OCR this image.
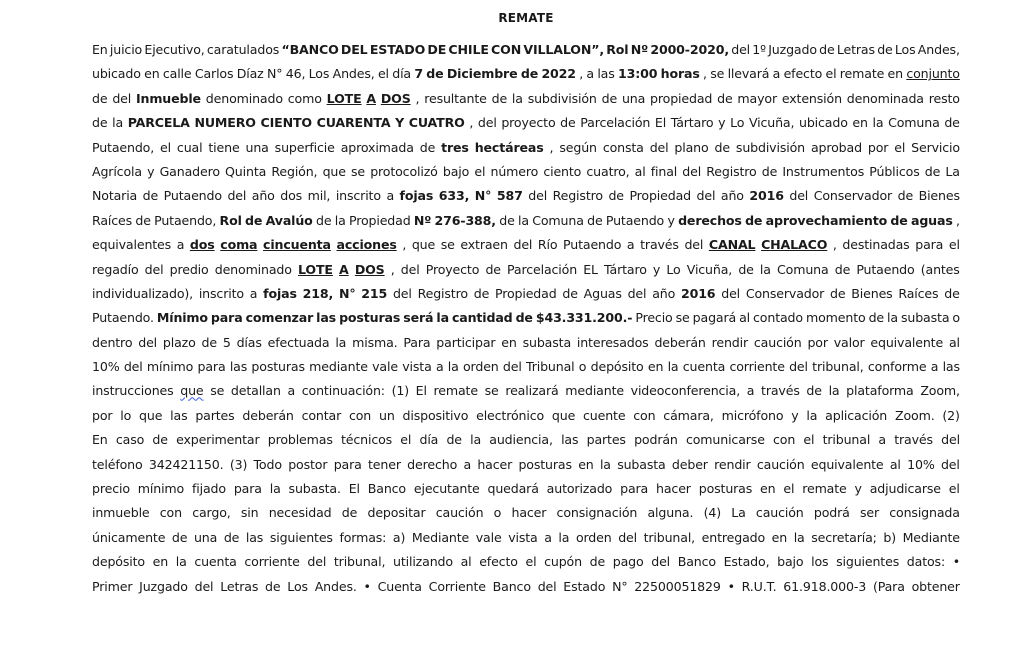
REMATE
En juicio Ejecutivo, caratulados “BANCO DEL ESTADO DE CHILE CON VILLALON”, Rol Nº 2000-2020, del 1º Juzgado de Letras de Los Andes,
ubicado en calle Carlos Díaz N° 46, Los Andes, el día 7 de Diciembre de 2022 , a las 13:00 horas , se llevará a efecto el remate en conjunto
de del Inmueble denominado como LOTE A DOS , resultante de la subdivisión de una propiedad de mayor extensión denominada resto
de la PARCELA NUMERO CIENTO CUARENTA Y CUATRO , del proyecto de Parcelación El Tártaro y Lo Vicuña, ubicado en la Comuna de
Putaendo, el cual tiene una superficie aproximada de tres hectáreas , según consta del plano de subdivisión aprobad por el Servicio
Agrícola y Ganadero Quinta Región, que se protocolizó bajo el número ciento cuatro, al final del Registro de Instrumentos Públicos de La
Notaria de Putaendo del año dos mil, inscrito a fojas 633, N° 587 del Registro de Propiedad del año 2016 del Conservador de Bienes
Raíces de Putaendo, Rol de Avalúo de la Propiedad Nº 276-388, de la Comuna de Putaendo y derechos de aprovechamiento de aguas ,
equivalentes a dos coma cincuenta acciones , que se extraen del Río Putaendo a través del CANAL CHALACO , destinadas para el
regadío del predio denominado LOTE A DOS , del Proyecto de Parcelación EL Tártaro y Lo Vicuña, de la Comuna de Putaendo (antes
individualizado), inscrito a fojas 218, N° 215 del Registro de Propiedad de Aguas del año 2016 del Conservador de Bienes Raíces de
Putaendo. Mínimo para comenzar las posturas será la cantidad de $43.331.200.- Precio se pagará al contado momento de la subasta o
dentro del plazo de 5 días efectuada la misma. Para participar en subasta interesados deberán rendir caución por valor equivalente al
10% del mínimo para las posturas mediante vale vista a la orden del Tribunal o depósito en la cuenta corriente del tribunal, conforme a las
instrucciones que se detallan a continuación: (1) El remate se realizará mediante videoconferencia, a través de la plataforma Zoom,
por lo que las partes deberán contar con un dispositivo electrónico que cuente con cámara, micrófono y la aplicación Zoom. (2)
En caso de experimentar problemas técnicos el día de la audiencia, las partes podrán comunicarse con el tribunal a través del
teléfono 342421150. (3) Todo postor para tener derecho a hacer posturas en la subasta deber rendir caución equivalente al 10% del
precio mínimo fijado para la subasta. El Banco ejecutante quedará autorizado para hacer posturas en el remate y adjudicarse el
inmueble con cargo, sin necesidad de depositar caución o hacer consignación alguna. (4) La caución podrá ser consignada
únicamente de una de las siguientes formas: a) Mediante vale vista a la orden del tribunal, entregado en la secretaría; b) Mediante
depósito en la cuenta corriente del tribunal, utilizando al efecto el cupón de pago del Banco Estado, bajo los siguientes datos: •
Primer Juzgado del Letras de Los Andes. • Cuenta Corriente Banco del Estado N° 22500051829 • R.U.T. 61.918.000-3 (Para obtener
